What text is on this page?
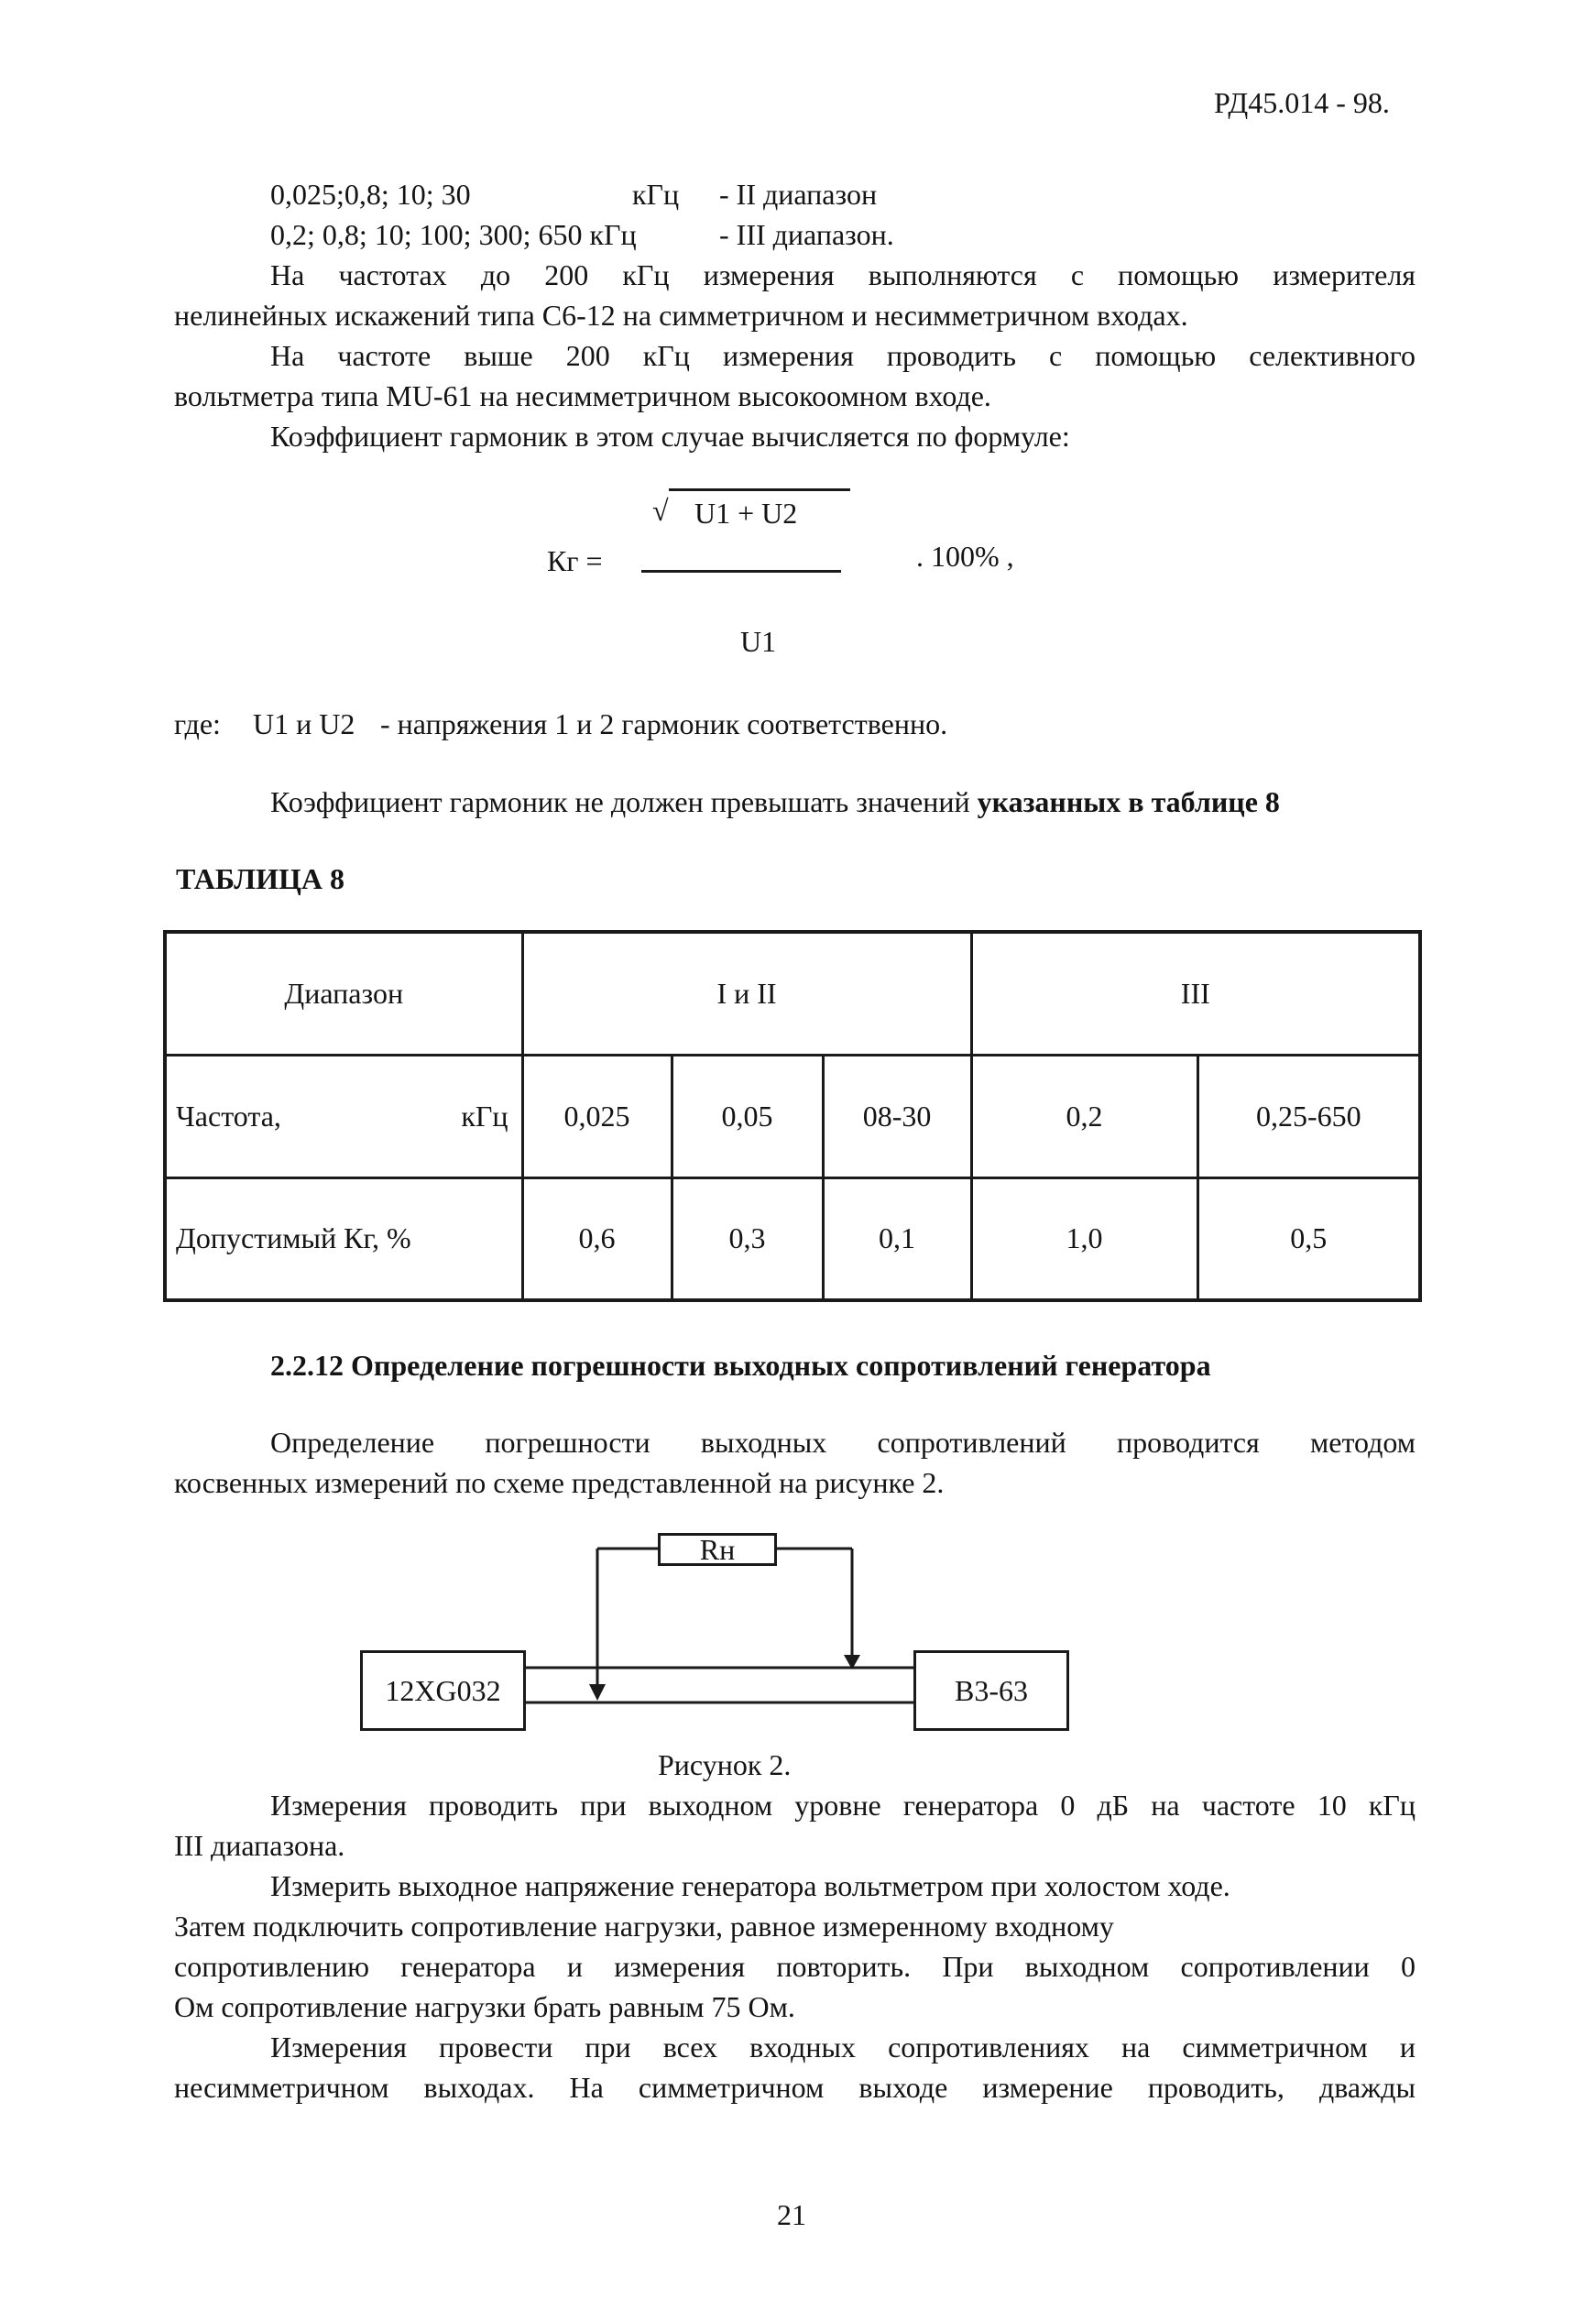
РД45.014 - 98.
0,025;0,8; 10; 30	кГц - II диапазон
0,2; 0,8; 10; 100; 300; 650 кГц	- III диапазон.
На частотах до 200 кГц измерения выполняются с помощью измерителя
нелинейных искажений типа С6-12 на симметричном и несимметричном входах.
На частоте выше 200 кГц измерения проводить с помощью селективного
вольтметра типа MU-61 на несимметричном высокоомном входе.
Коэффициент гармоник в этом случае вычисляется по формуле:
√ U1 + U2
Кг =	. 100% ,
U1
где: U1 и U2 - напряжения 1 и 2 гармоник соответственно.
Коэффициент гармоник не должен превышать значений указанных в таблице 8
ТАБЛИЦА 8
Диапазон	I и II			III	

Частота, кГц	0,025	0,05	08-30	0,2	0,25-650
Допустимый Кг, %	0,6	0,3	0,1	1,0	0,5
2.2.12 Определение погрешности выходных сопротивлений генератора
Определение погрешности выходных сопротивлений проводится методом
косвенных измерений по схеме представленной на рисунке 2.
Rн
12XG032	В3-63
Рисунок 2.
Измерения проводить при выходном уровне генератора 0 дБ на частоте 10 кГц
III диапазона.
Измерить выходное напряжение генератора вольтметром при холостом ходе.
Затем подключить сопротивление нагрузки, равное измеренному входному
сопротивлению генератора и измерения повторить. При выходном сопротивлении 0
Ом сопротивление нагрузки брать равным 75 Ом.
Измерения провести при всех входных сопротивлениях на симметричном и
несимметричном выходах. На симметричном выходе измерение проводить, дважды
21
